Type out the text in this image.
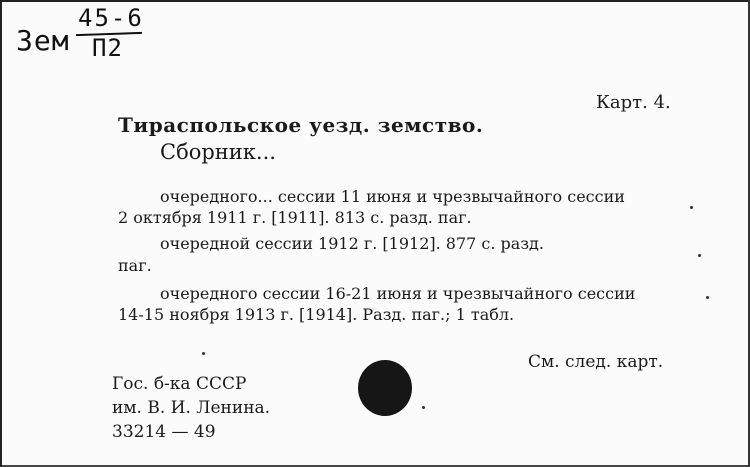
Зем
45-6
П2
Карт. 4.
Тираспольское уезд. земство.
Сборник...
очередного... сессии 11 июня и чрезвычайного сессии
2 октября 1911 г. [1911]. 813 с. разд. паг.
очередной сессии 1912 г. [1912]. 877 с. разд.
паг.
очередного сессии 16-21 июня и чрезвычайного сессии
14-15 ноября 1913 г. [1914]. Разд. паг.; 1 табл.
См. след. карт.
Гос. б-ка СССР
им. В. И. Ленина.
33214 — 49
